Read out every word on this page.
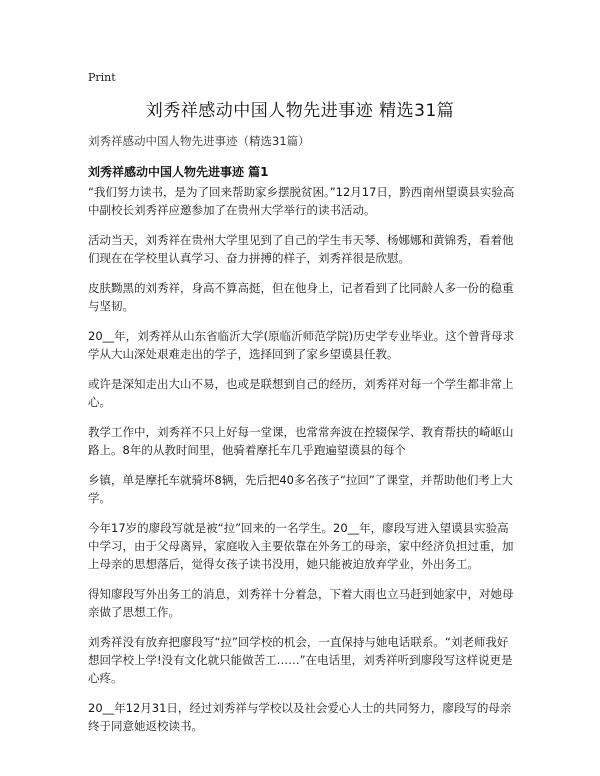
Print
刘秀祥感动中国人物先进事迹 精选31篇
刘秀祥感动中国人物先进事迹（精选31篇）
刘秀祥感动中国人物先进事迹 篇1

“我们努力读书，是为了回来帮助家乡摆脱贫困。”12月17日，黔西南州望谟县实验高中副校长刘秀祥应邀参加了在贵州大学举行的读书活动。

活动当天，刘秀祥在贵州大学里见到了自己的学生韦天琴、杨娜娜和黄锦秀，看着他们现在在学校里认真学习、奋力拼搏的样子，刘秀祥很是欣慰。

皮肤黝黑的刘秀祥，身高不算高挺，但在他身上，记者看到了比同龄人多一份的稳重与坚韧。

20__年，刘秀祥从山东省临沂大学(原临沂师范学院)历史学专业毕业。这个曾背母求学从大山深处艰难走出的学子，选择回到了家乡望谟县任教。

或许是深知走出大山不易，也或是联想到自己的经历，刘秀祥对每一个学生都非常上心。

教学工作中，刘秀祥不只上好每一堂课，也常常奔波在控辍保学、教育帮扶的崎岖山路上。8年的从教时间里，他骑着摩托车几乎跑遍望谟县的每个

乡镇，单是摩托车就骑坏8辆，先后把40多名孩子“拉回”了课堂，并帮助他们考上大学。

今年17岁的廖段写就是被“拉”回来的一名学生。20__年，廖段写进入望谟县实验高中学习，由于父母离异，家庭收入主要依靠在外务工的母亲，家中经济负担过重，加上母亲的思想落后，觉得女孩子读书没用，她只能被迫放弃学业，外出务工。

得知廖段写外出务工的消息，刘秀祥十分着急，下着大雨也立马赶到她家中，对她母亲做了思想工作。

刘秀祥没有放弃把廖段写“拉”回学校的机会，一直保持与她电话联系。“刘老师我好想回学校上学!没有文化就只能做苦工……”在电话里，刘秀祥听到廖段写这样说更是心疼。

20__年12月31日，经过刘秀祥与学校以及社会爱心人士的共同努力，廖段写的母亲终于同意她返校读书。
